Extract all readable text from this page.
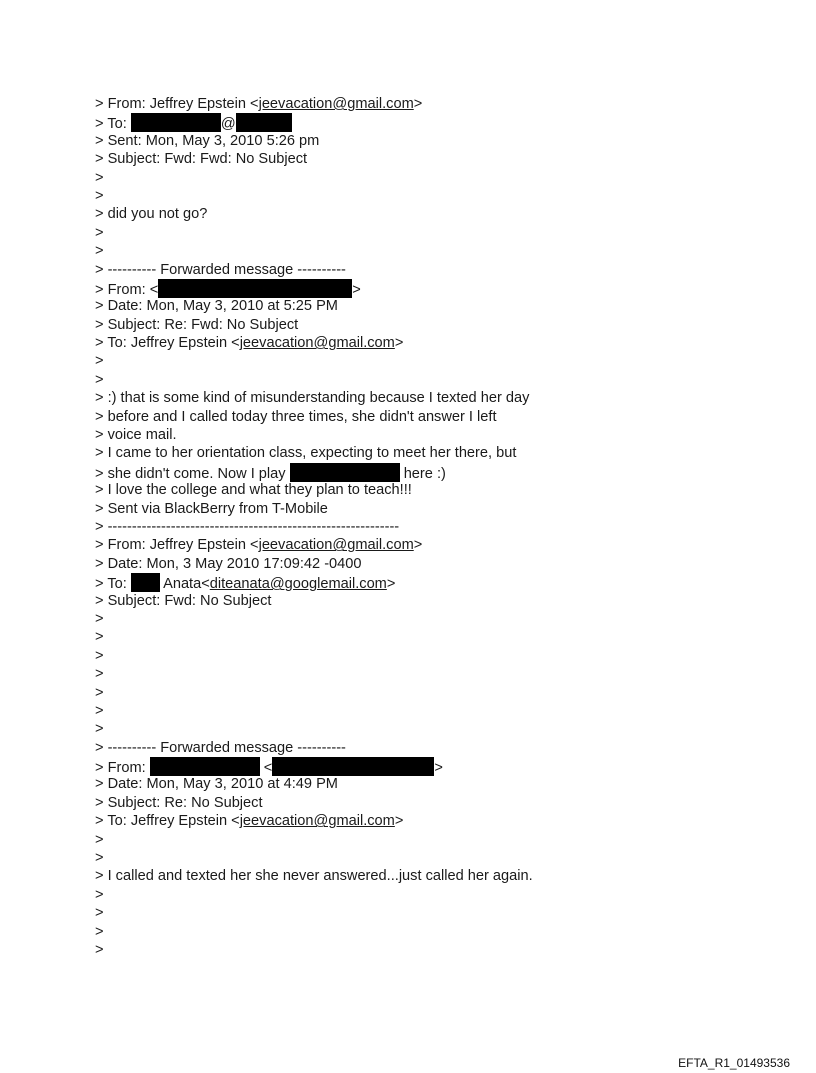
> From: Jeffrey Epstein <jeevacation@gmail.com>
> To:	@
> Sent: Mon, May 3, 2010 5:26 pm
> Subject: Fwd: Fwd: No Subject
>
>
> did you not go?
>
>
> ---------- Forwarded message ----------
> From: <	>
> Date: Mon, May 3, 2010 at 5:25 PM
> Subject: Re: Fwd: No Subject
> To: Jeffrey Epstein <jeevacation@gmail.com>
>
>
> :) that is some kind of misunderstanding because I texted her day
> before and I called today three times, she didn't answer I left
> voice mail.
> I came to her orientation class, expecting to meet her there, but
> she didn't come. Now I play	here :)
> I love the college and what they plan to teach!!!
> Sent via BlackBerry from T-Mobile
> ------------------------------------------------------------
> From: Jeffrey Epstein <jeevacation@gmail.com>
> Date: Mon, 3 May 2010 17:09:42 -0400
> To:  Anata<diteanata@googlemail.com>
> Subject: Fwd: No Subject
>
>
>
>
>
>
>
> ---------- Forwarded message ----------
> From:	<	>
> Date: Mon, May 3, 2010 at 4:49 PM
> Subject: Re: No Subject
> To: Jeffrey Epstein <jeevacation@gmail.com>
>
>
> I called and texted her she never answered...just called her again.
>
>
>
>
EFTA_R1_01493536
